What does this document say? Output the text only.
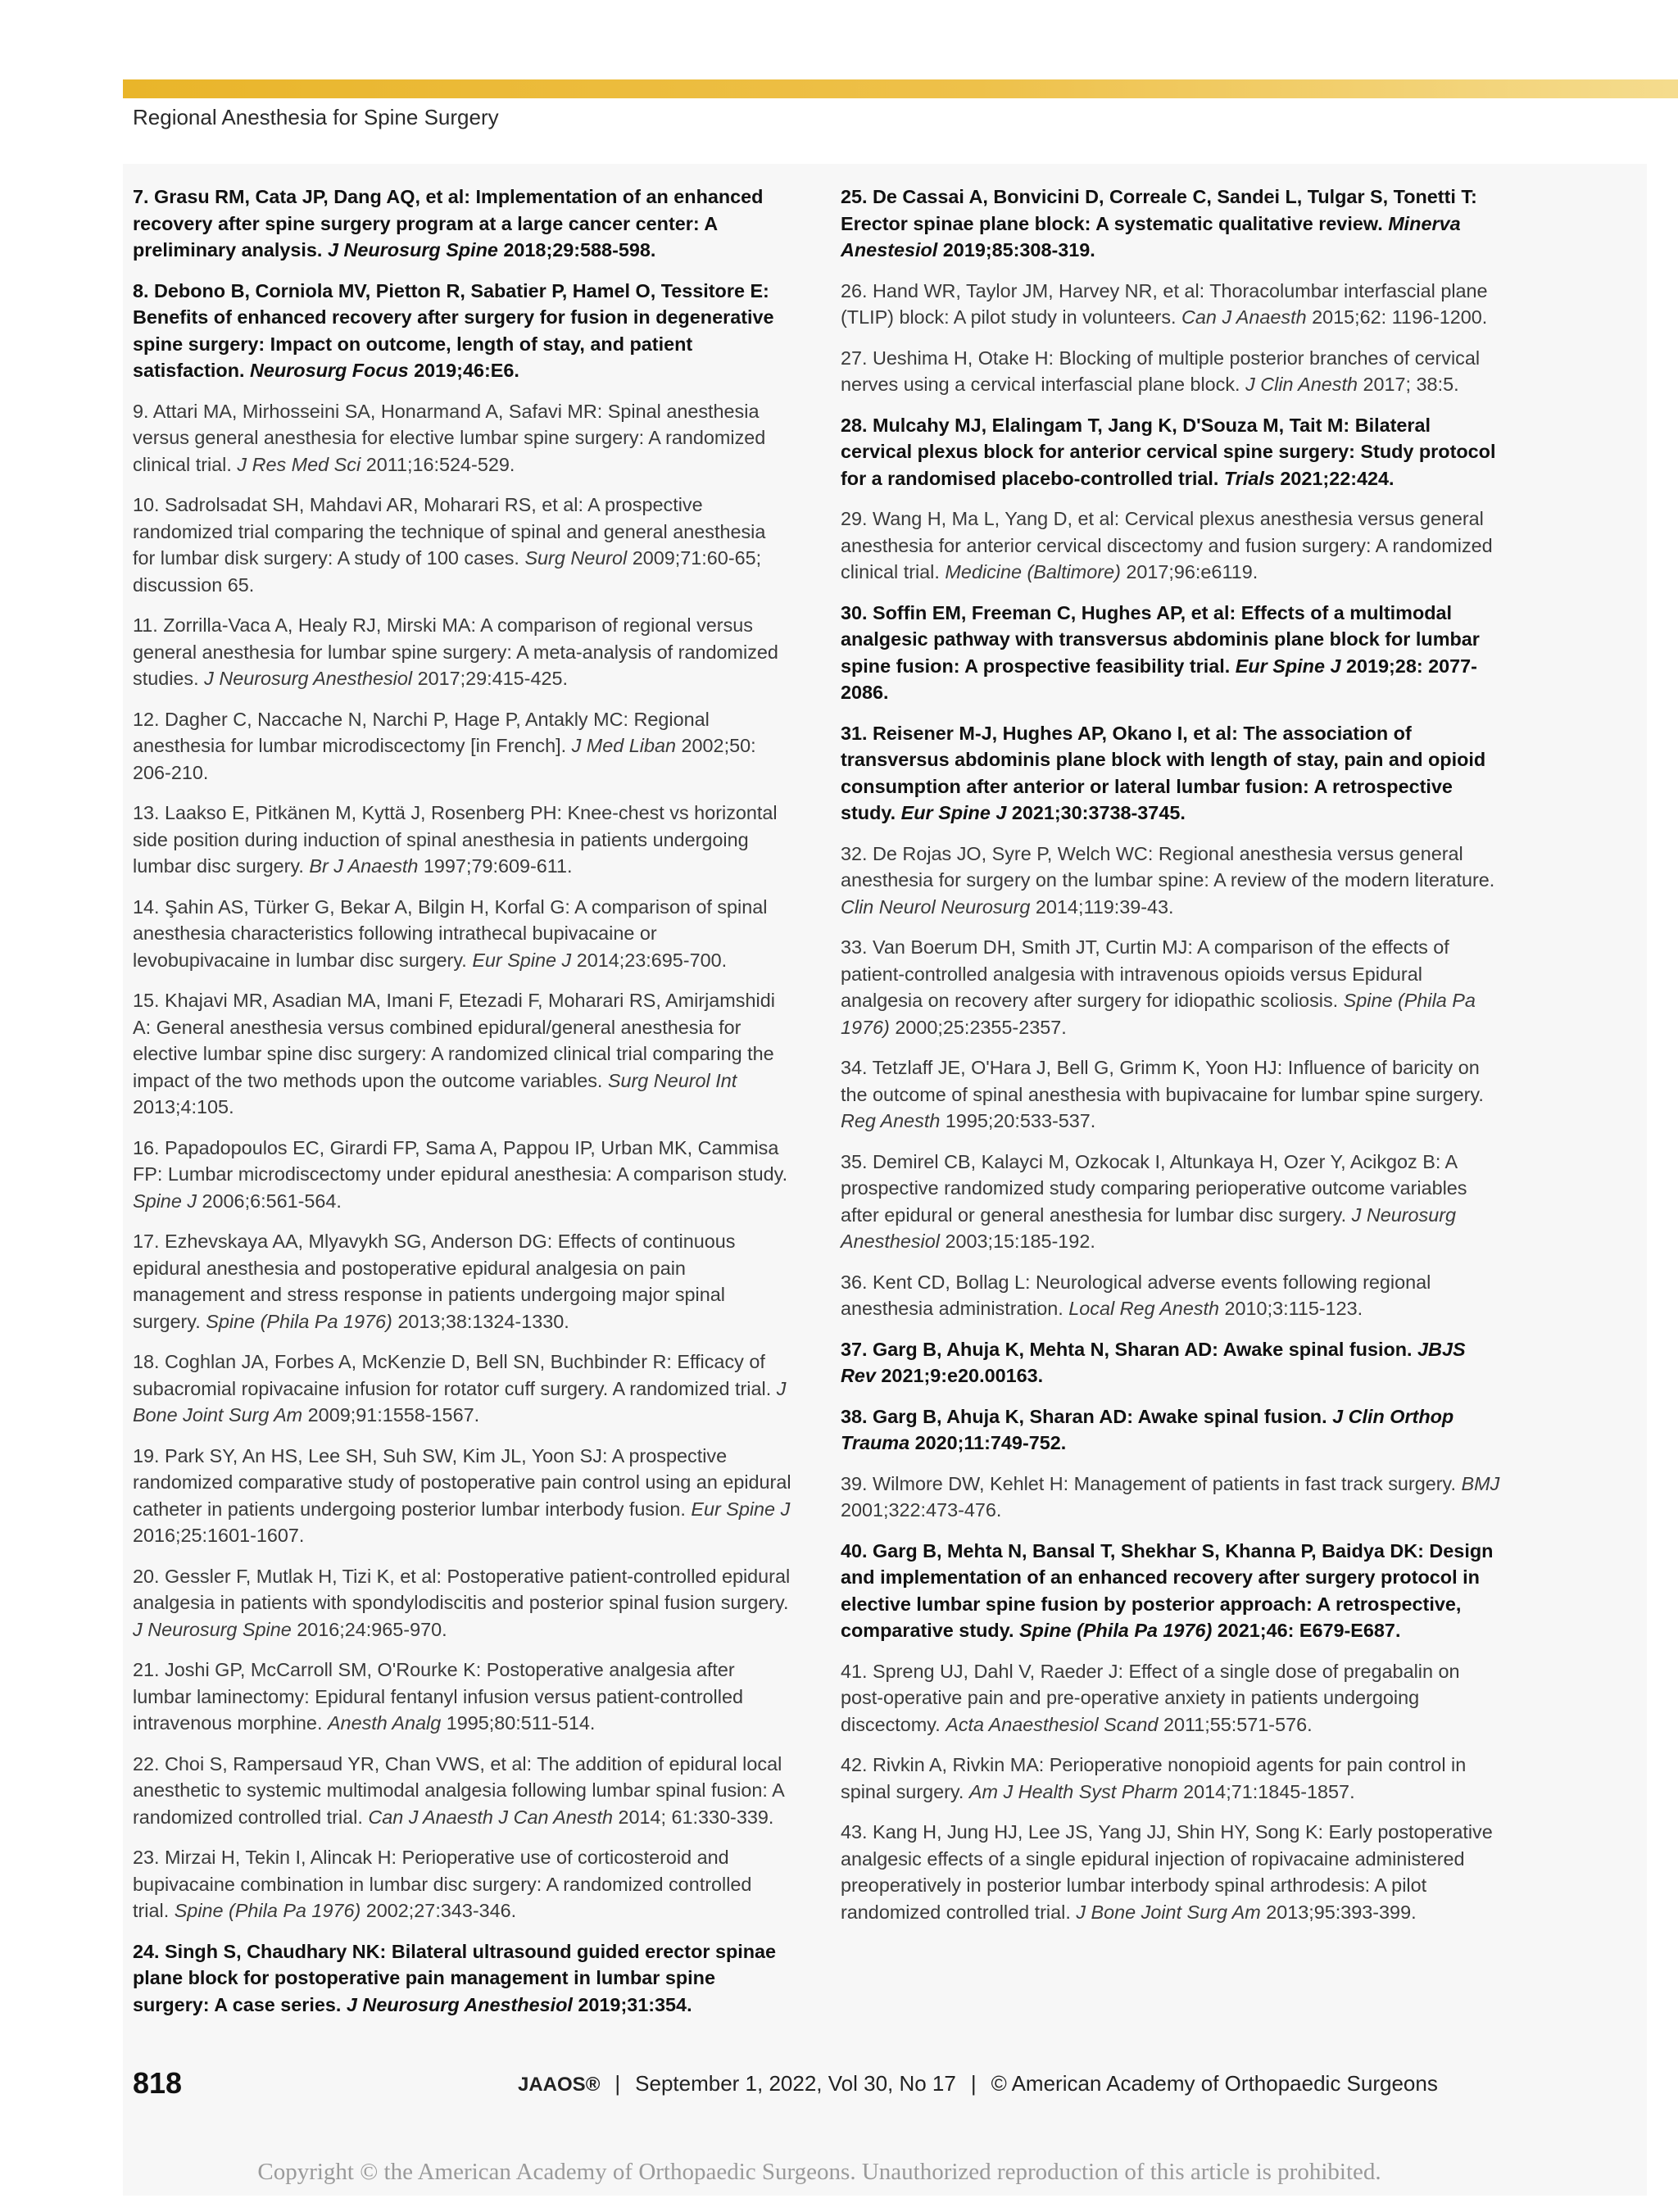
Regional Anesthesia for Spine Surgery

7. Grasu RM, Cata JP, Dang AQ, et al: Implementation of an enhanced recovery after spine surgery program at a large cancer center: A preliminary analysis. J Neurosurg Spine 2018;29:588-598.

8. Debono B, Corniola MV, Pietton R, Sabatier P, Hamel O, Tessitore E: Benefits of enhanced recovery after surgery for fusion in degenerative spine surgery: Impact on outcome, length of stay, and patient satisfaction. Neurosurg Focus 2019;46:E6.

9. Attari MA, Mirhosseini SA, Honarmand A, Safavi MR: Spinal anesthesia versus general anesthesia for elective lumbar spine surgery: A randomized clinical trial. J Res Med Sci 2011;16:524-529.

10. Sadrolsadat SH, Mahdavi AR, Moharari RS, et al: A prospective randomized trial comparing the technique of spinal and general anesthesia for lumbar disk surgery: A study of 100 cases. Surg Neurol 2009;71:60-65; discussion 65.

11. Zorrilla-Vaca A, Healy RJ, Mirski MA: A comparison of regional versus general anesthesia for lumbar spine surgery: A meta-analysis of randomized studies. J Neurosurg Anesthesiol 2017;29:415-425.

12. Dagher C, Naccache N, Narchi P, Hage P, Antakly MC: Regional anesthesia for lumbar microdiscectomy [in French]. J Med Liban 2002;50: 206-210.

13. Laakso E, Pitkänen M, Kyttä J, Rosenberg PH: Knee-chest vs horizontal side position during induction of spinal anesthesia in patients undergoing lumbar disc surgery. Br J Anaesth 1997;79:609-611.

14. Şahin AS, Türker G, Bekar A, Bilgin H, Korfal G: A comparison of spinal anesthesia characteristics following intrathecal bupivacaine or levobupivacaine in lumbar disc surgery. Eur Spine J 2014;23:695-700.

15. Khajavi MR, Asadian MA, Imani F, Etezadi F, Moharari RS, Amirjamshidi A: General anesthesia versus combined epidural/general anesthesia for elective lumbar spine disc surgery: A randomized clinical trial comparing the impact of the two methods upon the outcome variables. Surg Neurol Int 2013;4:105.

16. Papadopoulos EC, Girardi FP, Sama A, Pappou IP, Urban MK, Cammisa FP: Lumbar microdiscectomy under epidural anesthesia: A comparison study. Spine J 2006;6:561-564.

17. Ezhevskaya AA, Mlyavykh SG, Anderson DG: Effects of continuous epidural anesthesia and postoperative epidural analgesia on pain management and stress response in patients undergoing major spinal surgery. Spine (Phila Pa 1976) 2013;38:1324-1330.

18. Coghlan JA, Forbes A, McKenzie D, Bell SN, Buchbinder R: Efficacy of subacromial ropivacaine infusion for rotator cuff surgery. A randomized trial. J Bone Joint Surg Am 2009;91:1558-1567.

19. Park SY, An HS, Lee SH, Suh SW, Kim JL, Yoon SJ: A prospective randomized comparative study of postoperative pain control using an epidural catheter in patients undergoing posterior lumbar interbody fusion. Eur Spine J 2016;25:1601-1607.

20. Gessler F, Mutlak H, Tizi K, et al: Postoperative patient-controlled epidural analgesia in patients with spondylodiscitis and posterior spinal fusion surgery. J Neurosurg Spine 2016;24:965-970.

21. Joshi GP, McCarroll SM, O'Rourke K: Postoperative analgesia after lumbar laminectomy: Epidural fentanyl infusion versus patient-controlled intravenous morphine. Anesth Analg 1995;80:511-514.

22. Choi S, Rampersaud YR, Chan VWS, et al: The addition of epidural local anesthetic to systemic multimodal analgesia following lumbar spinal fusion: A randomized controlled trial. Can J Anaesth J Can Anesth 2014; 61:330-339.

23. Mirzai H, Tekin I, Alincak H: Perioperative use of corticosteroid and bupivacaine combination in lumbar disc surgery: A randomized controlled trial. Spine (Phila Pa 1976) 2002;27:343-346.

24. Singh S, Chaudhary NK: Bilateral ultrasound guided erector spinae plane block for postoperative pain management in lumbar spine surgery: A case series. J Neurosurg Anesthesiol 2019;31:354.

25. De Cassai A, Bonvicini D, Correale C, Sandei L, Tulgar S, Tonetti T: Erector spinae plane block: A systematic qualitative review. Minerva Anestesiol 2019;85:308-319.

26. Hand WR, Taylor JM, Harvey NR, et al: Thoracolumbar interfascial plane (TLIP) block: A pilot study in volunteers. Can J Anaesth 2015;62: 1196-1200.

27. Ueshima H, Otake H: Blocking of multiple posterior branches of cervical nerves using a cervical interfascial plane block. J Clin Anesth 2017; 38:5.

28. Mulcahy MJ, Elalingam T, Jang K, D'Souza M, Tait M: Bilateral cervical plexus block for anterior cervical spine surgery: Study protocol for a randomised placebo-controlled trial. Trials 2021;22:424.

29. Wang H, Ma L, Yang D, et al: Cervical plexus anesthesia versus general anesthesia for anterior cervical discectomy and fusion surgery: A randomized clinical trial. Medicine (Baltimore) 2017;96:e6119.

30. Soffin EM, Freeman C, Hughes AP, et al: Effects of a multimodal analgesic pathway with transversus abdominis plane block for lumbar spine fusion: A prospective feasibility trial. Eur Spine J 2019;28: 2077-2086.

31. Reisener M-J, Hughes AP, Okano I, et al: The association of transversus abdominis plane block with length of stay, pain and opioid consumption after anterior or lateral lumbar fusion: A retrospective study. Eur Spine J 2021;30:3738-3745.

32. De Rojas JO, Syre P, Welch WC: Regional anesthesia versus general anesthesia for surgery on the lumbar spine: A review of the modern literature. Clin Neurol Neurosurg 2014;119:39-43.

33. Van Boerum DH, Smith JT, Curtin MJ: A comparison of the effects of patient-controlled analgesia with intravenous opioids versus Epidural analgesia on recovery after surgery for idiopathic scoliosis. Spine (Phila Pa 1976) 2000;25:2355-2357.

34. Tetzlaff JE, O'Hara J, Bell G, Grimm K, Yoon HJ: Influence of baricity on the outcome of spinal anesthesia with bupivacaine for lumbar spine surgery. Reg Anesth 1995;20:533-537.

35. Demirel CB, Kalayci M, Ozkocak I, Altunkaya H, Ozer Y, Acikgoz B: A prospective randomized study comparing perioperative outcome variables after epidural or general anesthesia for lumbar disc surgery. J Neurosurg Anesthesiol 2003;15:185-192.

36. Kent CD, Bollag L: Neurological adverse events following regional anesthesia administration. Local Reg Anesth 2010;3:115-123.

37. Garg B, Ahuja K, Mehta N, Sharan AD: Awake spinal fusion. JBJS Rev 2021;9:e20.00163.

38. Garg B, Ahuja K, Sharan AD: Awake spinal fusion. J Clin Orthop Trauma 2020;11:749-752.

39. Wilmore DW, Kehlet H: Management of patients in fast track surgery. BMJ 2001;322:473-476.

40. Garg B, Mehta N, Bansal T, Shekhar S, Khanna P, Baidya DK: Design and implementation of an enhanced recovery after surgery protocol in elective lumbar spine fusion by posterior approach: A retrospective, comparative study. Spine (Phila Pa 1976) 2021;46: E679-E687.

41. Spreng UJ, Dahl V, Raeder J: Effect of a single dose of pregabalin on post-operative pain and pre-operative anxiety in patients undergoing discectomy. Acta Anaesthesiol Scand 2011;55:571-576.

42. Rivkin A, Rivkin MA: Perioperative nonopioid agents for pain control in spinal surgery. Am J Health Syst Pharm 2014;71:1845-1857.

43. Kang H, Jung HJ, Lee JS, Yang JJ, Shin HY, Song K: Early postoperative analgesic effects of a single epidural injection of ropivacaine administered preoperatively in posterior lumbar interbody spinal arthrodesis: A pilot randomized controlled trial. J Bone Joint Surg Am 2013;95:393-399.

818	JAAOS® | September 1, 2022, Vol 30, No 17 | © American Academy of Orthopaedic Surgeons
Copyright © the American Academy of Orthopaedic Surgeons. Unauthorized reproduction of this article is prohibited.
